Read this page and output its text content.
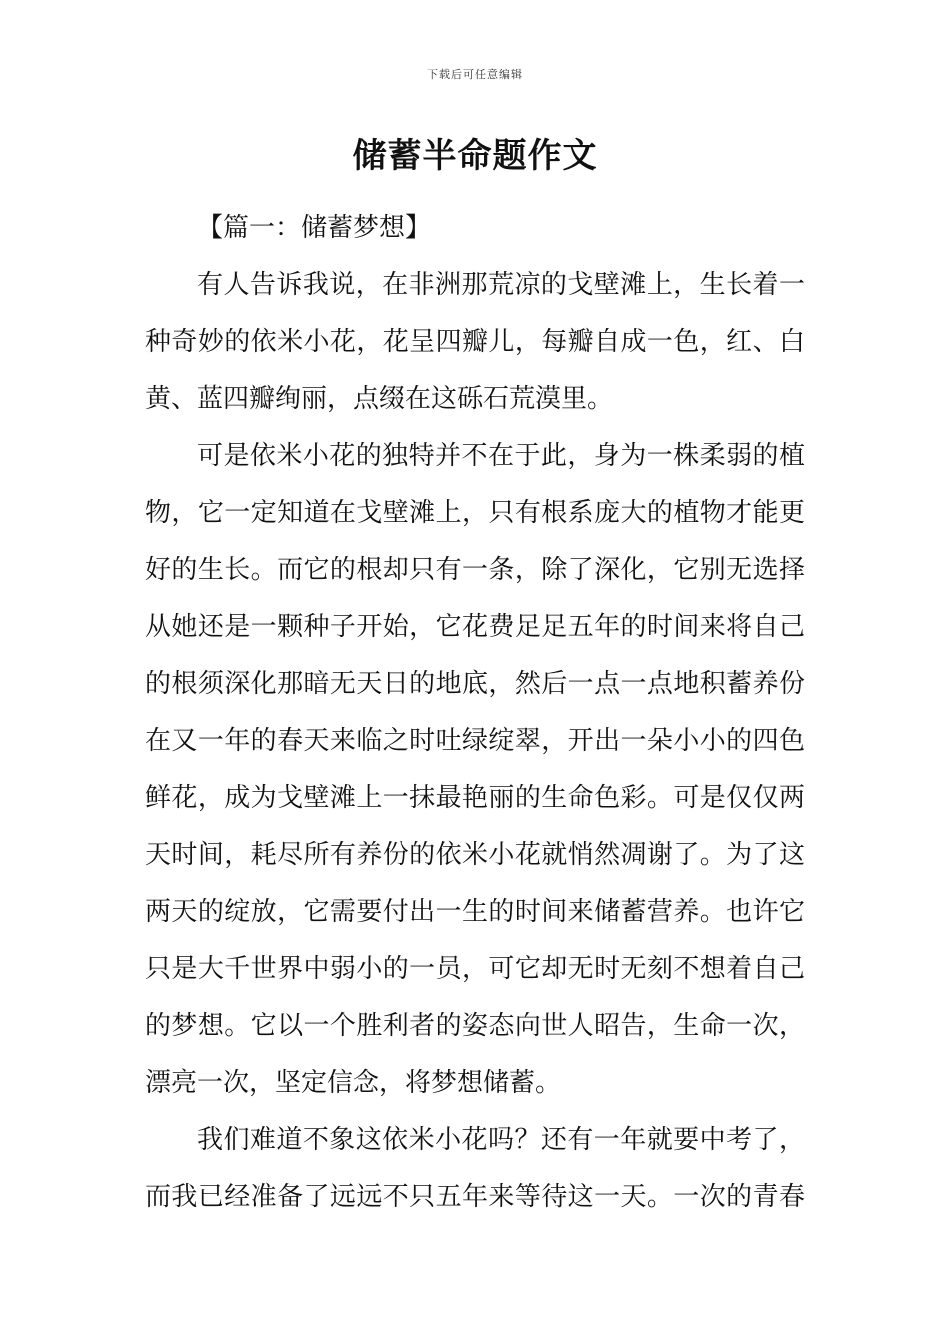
下载后可任意编辑
储蓄半命题作文
【篇一：储蓄梦想】
有人告诉我说，在非洲那荒凉的戈壁滩上，生长着一
种奇妙的依米小花，花呈四瓣儿，每瓣自成一色，红、白
黄、蓝四瓣绚丽，点缀在这砾石荒漠里。
可是依米小花的独特并不在于此，身为一株柔弱的植
物，它一定知道在戈壁滩上，只有根系庞大的植物才能更
好的生长。而它的根却只有一条，除了深化，它别无选择
从她还是一颗种子开始，它花费足足五年的时间来将自己
的根须深化那暗无天日的地底，然后一点一点地积蓄养份
在又一年的春天来临之时吐绿绽翠，开出一朵小小的四色
鲜花，成为戈壁滩上一抹最艳丽的生命色彩。可是仅仅两
天时间，耗尽所有养份的依米小花就悄然凋谢了。为了这
两天的绽放，它需要付出一生的时间来储蓄营养。也许它
只是大千世界中弱小的一员，可它却无时无刻不想着自己
的梦想。它以一个胜利者的姿态向世人昭告，生命一次，
漂亮一次，坚定信念，将梦想储蓄。
我们难道不象这依米小花吗？还有一年就要中考了，
而我已经准备了远远不只五年来等待这一天。一次的青春
